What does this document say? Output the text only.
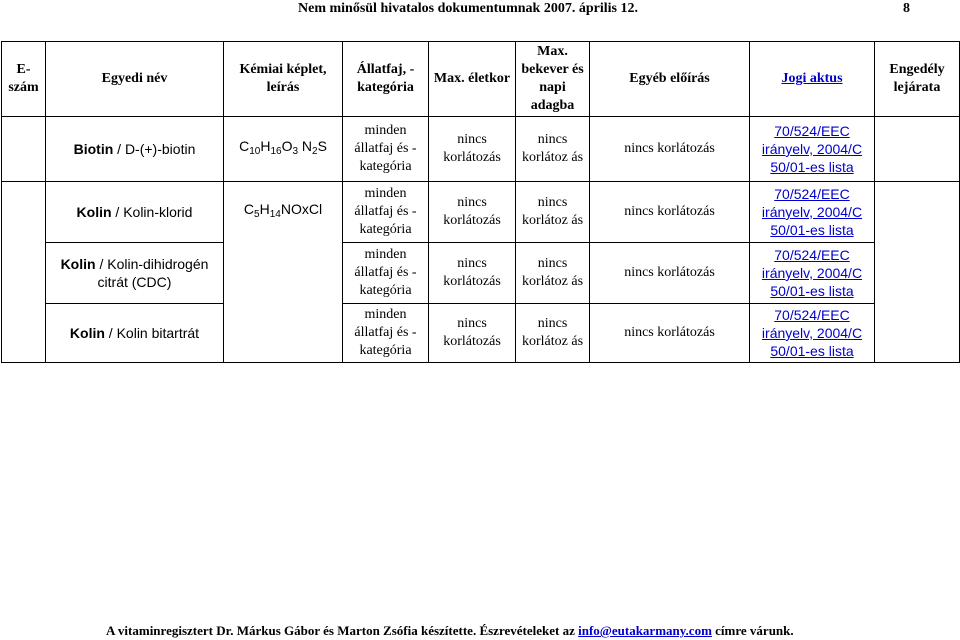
Nem minősül hivatalos dokumentumnak 2007. április 12.	8
E-szám	Egyedi név	Kémiai képlet, leírás	Állatfaj, -kategória	Max. életkor	Max. bekever és napi adagba	Egyéb előírás	Jogi aktus	Engedély lejárata
	Biotin / D-(+)-biotin	$C_{10}H_{16}O_3$ $N_2S$	minden állatfaj és -kategória	nincs korlátozás	nincs korlátoz ás	nincs korlátozás	70/524/EEC irányelv, 2004/C 50/01-es lista	
	Kolin / Kolin-klorid	$C_5H_{14}NOxCl$	minden állatfaj és -kategória	nincs korlátozás	nincs korlátoz ás	nincs korlátozás	70/524/EEC irányelv, 2004/C 50/01-es lista	
	Kolin / Kolin-dihidrogén citrát (CDC)		minden állatfaj és -kategória	nincs korlátozás	nincs korlátoz ás	nincs korlátozás	70/524/EEC irányelv, 2004/C 50/01-es lista	
	Kolin / Kolin bitartrát		minden állatfaj és -kategória	nincs korlátozás	nincs korlátoz ás	nincs korlátozás	70/524/EEC irányelv, 2004/C 50/01-es lista	
A vitaminregisztert Dr. Márkus Gábor és Marton Zsófia készítette. Észrevételeket az info@eutakarmany.com címre várunk.
